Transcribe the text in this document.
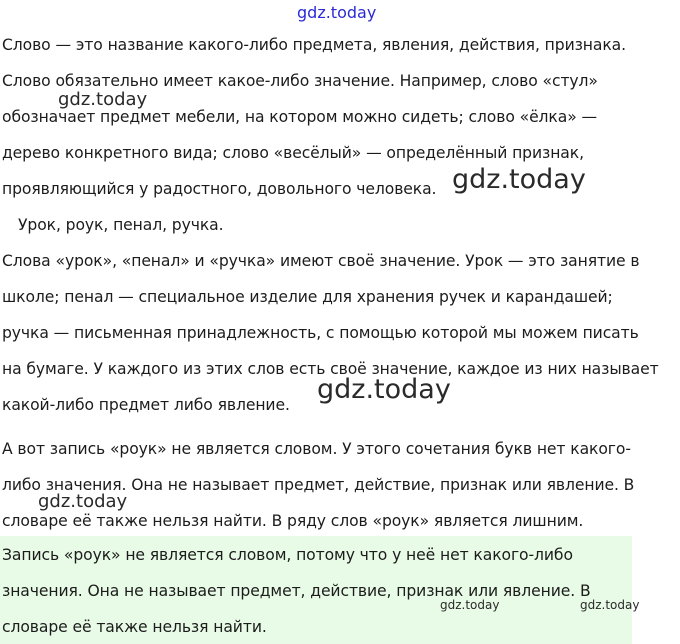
gdz.today
Слово — это название какого-либо предмета, явления, действия, признака.
Слово обязательно имеет какое-либо значение. Например, слово «стул»
gdz.today
обозначает предмет мебели, на котором можно сидеть; слово «ёлка» —
дерево конкретного вида; слово «весёлый» — определённый признак,
проявляющийся у радостного, довольного человека. gdz.today
Урок, роук, пенал, ручка.
Слова «урок», «пенал» и «ручка» имеют своё значение. Урок — это занятие в
школе; пенал — специальное изделие для хранения ручек и карандашей;
ручка — письменная принадлежность, с помощью которой мы можем писать
на бумаге. У каждого из этих слов есть своё значение, каждое из них называет
какой-либо предмет либо явление. gdz.today
А вот запись «роук» не является словом. У этого сочетания букв нет какого-
либо значения. Она не называет предмет, действие, признак или явление. В
gdz.today
словаре её также нельзя найти. В ряду слов «роук» является лишним.
Запись «роук» не является словом, потому что у неё нет какого-либо
значения. Она не называет предмет, действие, признак или явление. В
gdz.today	gdz.today
словаре её также нельзя найти.
